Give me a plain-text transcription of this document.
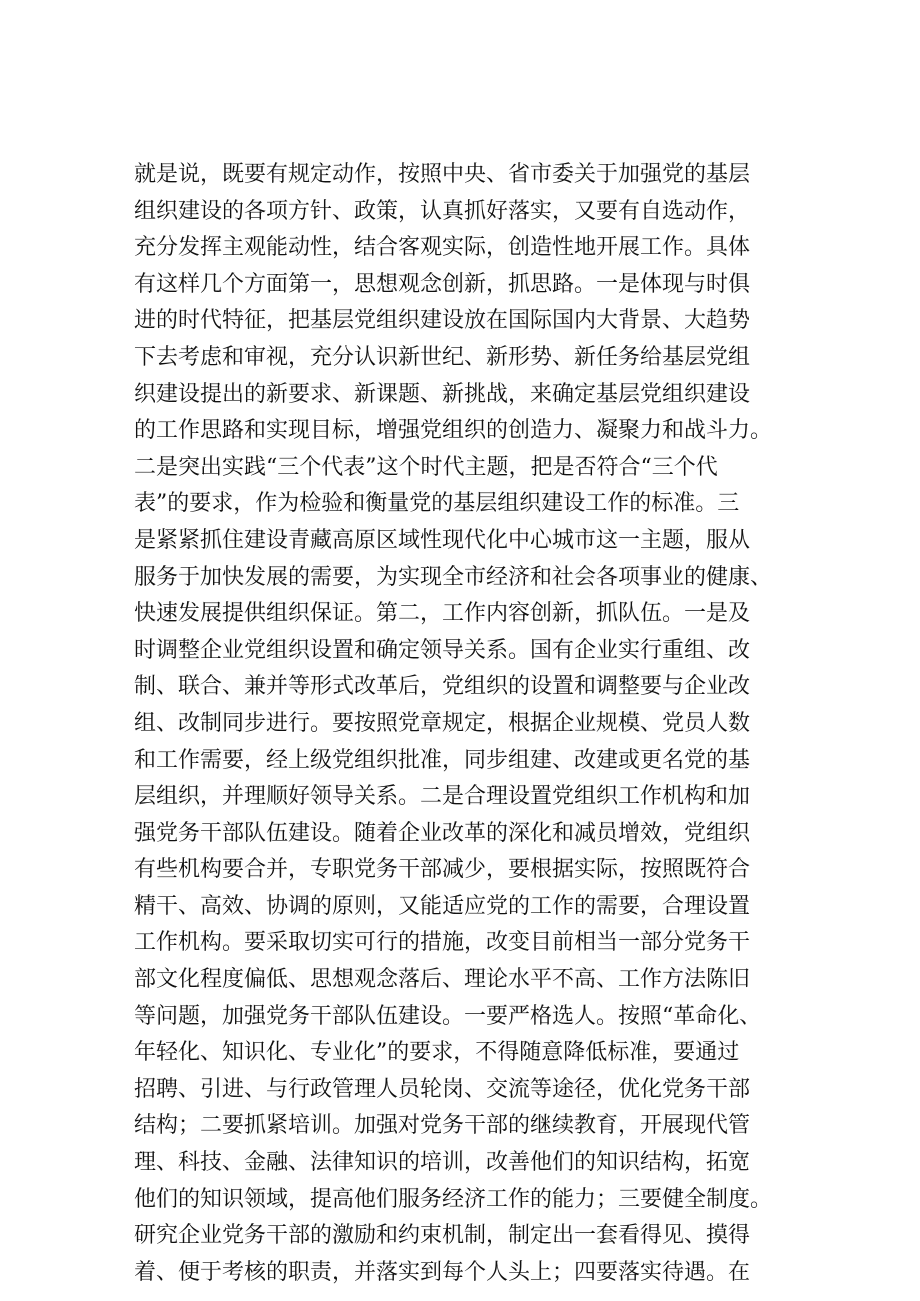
就是说，既要有规定动作，按照中央、省市委关于加强党的基层
组织建设的各项方针、政策，认真抓好落实，又要有自选动作，
充分发挥主观能动性，结合客观实际，创造性地开展工作。具体
有这样几个方面第一，思想观念创新，抓思路。一是体现与时俱
进的时代特征，把基层党组织建设放在国际国内大背景、大趋势
下去考虑和审视，充分认识新世纪、新形势、新任务给基层党组
织建设提出的新要求、新课题、新挑战，来确定基层党组织建设
的工作思路和实现目标，增强党组织的创造力、凝聚力和战斗力。
二是突出实践“三个代表”这个时代主题，把是否符合“三个代
表”的要求，作为检验和衡量党的基层组织建设工作的标准。三
是紧紧抓住建设青藏高原区域性现代化中心城市这一主题，服从
服务于加快发展的需要，为实现全市经济和社会各项事业的健康、
快速发展提供组织保证。第二，工作内容创新，抓队伍。一是及
时调整企业党组织设置和确定领导关系。国有企业实行重组、改
制、联合、兼并等形式改革后，党组织的设置和调整要与企业改
组、改制同步进行。要按照党章规定，根据企业规模、党员人数
和工作需要，经上级党组织批准，同步组建、改建或更名党的基
层组织，并理顺好领导关系。二是合理设置党组织工作机构和加
强党务干部队伍建设。随着企业改革的深化和减员增效，党组织
有些机构要合并，专职党务干部减少，要根据实际，按照既符合
精干、高效、协调的原则，又能适应党的工作的需要，合理设置
工作机构。要采取切实可行的措施，改变目前相当一部分党务干
部文化程度偏低、思想观念落后、理论水平不高、工作方法陈旧
等问题，加强党务干部队伍建设。一要严格选人。按照“革命化、
年轻化、知识化、专业化”的要求，不得随意降低标准，要通过
招聘、引进、与行政管理人员轮岗、交流等途径，优化党务干部
结构；二要抓紧培训。加强对党务干部的继续教育，开展现代管
理、科技、金融、法律知识的培训，改善他们的知识结构，拓宽
他们的知识领域，提高他们服务经济工作的能力；三要健全制度。
研究企业党务干部的激励和约束机制，制定出一套看得见、摸得
着、便于考核的职责，并落实到每个人头上；四要落实待遇。在
